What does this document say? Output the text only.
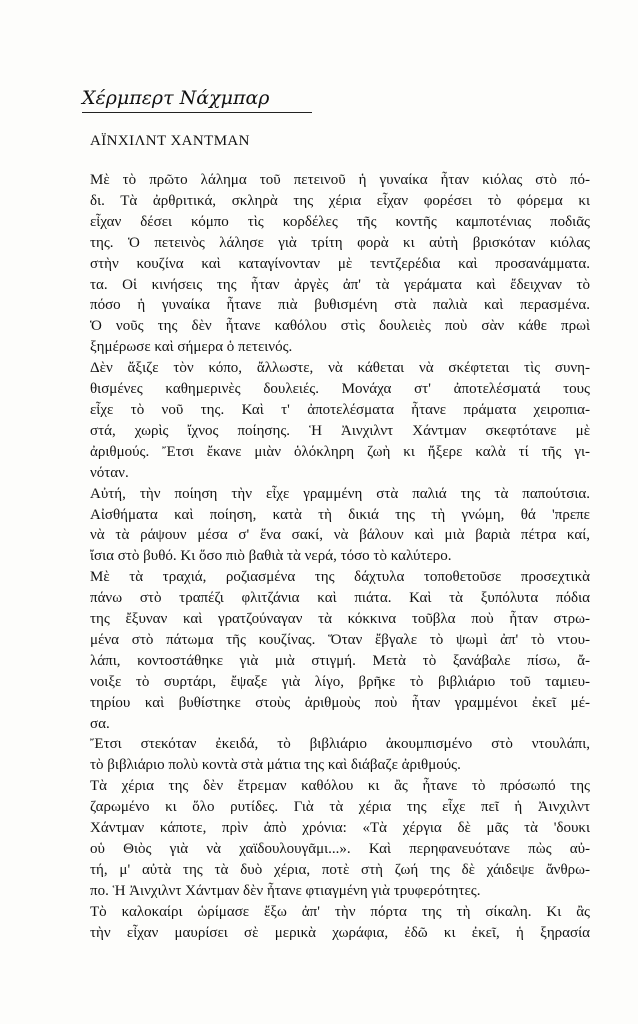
Χέρμπερτ Νάχμπαρ
ΑΪΝΧΙΛΝΤ ΧΑΝΤΜΑΝ
Μὲ τὸ πρῶτο λάλημα τοῦ πετεινοῦ ἡ γυναίκα ἦταν κιόλας στὸ πό-
δι. Τὰ ἀρθριτικά, σκληρὰ της χέρια εἶχαν φορέσει τὸ φόρεμα κι
εἶχαν δέσει κόμπο τὶς κορδέλες τῆς κοντῆς καμποτένιας ποδιᾶς
της. Ὁ πετεινὸς λάλησε γιὰ τρίτη φορὰ κι αὐτὴ βρισκόταν κιόλας
στὴν κουζίνα καὶ καταγίνονταν μὲ τεντζερέδια καὶ προσανάμματα.
τα. Οἱ κινήσεις της ἦταν ἀργὲς ἀπ' τὰ γεράματα καὶ ἔδειχναν τὸ
πόσο ἡ γυναίκα ἦτανε πιὰ βυθισμένη στὰ παλιὰ καὶ περασμένα.
Ὁ νοῦς της δὲν ἦτανε καθόλου στὶς δουλειὲς ποὺ σὰν κάθε πρωὶ
ξημέρωσε καὶ σήμερα ὁ πετεινός.
Δὲν ἄξιζε τὸν κόπο, ἄλλωστε, νὰ κάθεται νὰ σκέφτεται τὶς συνη-
θισμένες καθημερινὲς δουλειές. Μονάχα στ' ἀποτελέσματά τους
εἶχε τὸ νοῦ της. Καὶ τ' ἀποτελέσματα ἦτανε πράματα χειροπια-
στά, χωρὶς ἴχνος ποίησης. Ἡ Ἀινχιλντ Χάντμαν σκεφτότανε μὲ
ἀριθμούς. Ἔτσι ἔκανε μιὰν ὁλόκληρη ζωὴ κι ἤξερε καλὰ τί τῆς γι-
νόταν.
Αὐτή, τὴν ποίηση τὴν εἶχε γραμμένη στὰ παλιά της τὰ παπούτσια.
Αἰσθήματα καὶ ποίηση, κατὰ τὴ δικιά της τὴ γνώμη, θά 'πρεπε
νὰ τὰ ράψουν μέσα σ' ἕνα σακί, νὰ βάλουν καὶ μιὰ βαριὰ πέτρα καί,
ἴσια στὸ βυθό. Κι ὅσο πιὸ βαθιὰ τὰ νερά, τόσο τὸ καλύτερο.
Μὲ τὰ τραχιά, ροζιασμένα της δάχτυλα τοποθετοῦσε προσεχτικὰ
πάνω στὸ τραπέζι φλιτζάνια καὶ πιάτα. Καὶ τὰ ξυπόλυτα πόδια
της ἔξυναν καὶ γρατζούναγαν τὰ κόκκινα τοῦβλα ποὺ ἦταν στρω-
μένα στὸ πάτωμα τῆς κουζίνας. Ὅταν ἔβγαλε τὸ ψωμὶ ἀπ' τὸ ντου-
λάπι, κοντοστάθηκε γιὰ μιὰ στιγμή. Μετὰ τὸ ξανάβαλε πίσω, ἄ-
νοιξε τὸ συρτάρι, ἔψαξε γιὰ λίγο, βρῆκε τὸ βιβλιάριο τοῦ ταμιευ-
τηρίου καὶ βυθίστηκε στοὺς ἀριθμοὺς ποὺ ἦταν γραμμένοι ἐκεῖ μέ-
σα.
Ἔτσι στεκόταν ἐκειδά, τὸ βιβλιάριο ἀκουμπισμένο στὸ ντουλάπι,
τὸ βιβλιάριο πολὺ κοντὰ στὰ μάτια της καὶ διάβαζε ἀριθμούς.
Τὰ χέρια της δὲν ἔτρεμαν καθόλου κι ἂς ἦτανε τὸ πρόσωπό της
ζαρωμένο κι ὅλο ρυτίδες. Γιὰ τὰ χέρια της εἶχε πεῖ ἡ Ἀινχιλντ
Χάντμαν κάποτε, πρὶν ἀπὸ χρόνια: «Τὰ χέργια δὲ μᾶς τὰ 'δουκι
οὑ Θιὸς γιὰ νὰ χαϊδουλουγᾶμι...». Καὶ περηφανευότανε πὼς αὐ-
τή, μ' αὐτὰ της τὰ δυὸ χέρια, ποτὲ στὴ ζωή της δὲ χάιδεψε ἄνθρω-
πο. Ἡ Ἀινχιλντ Χάντμαν δὲν ἦτανε φτιαγμένη γιὰ τρυφερότητες.
Τὸ καλοκαίρι ὡρίμασε ἔξω ἀπ' τὴν πόρτα της τὴ σίκαλη. Κι ἂς
τὴν εἶχαν μαυρίσει σὲ μερικὰ χωράφια, ἐδῶ κι ἐκεῖ, ἡ ξηρασία
